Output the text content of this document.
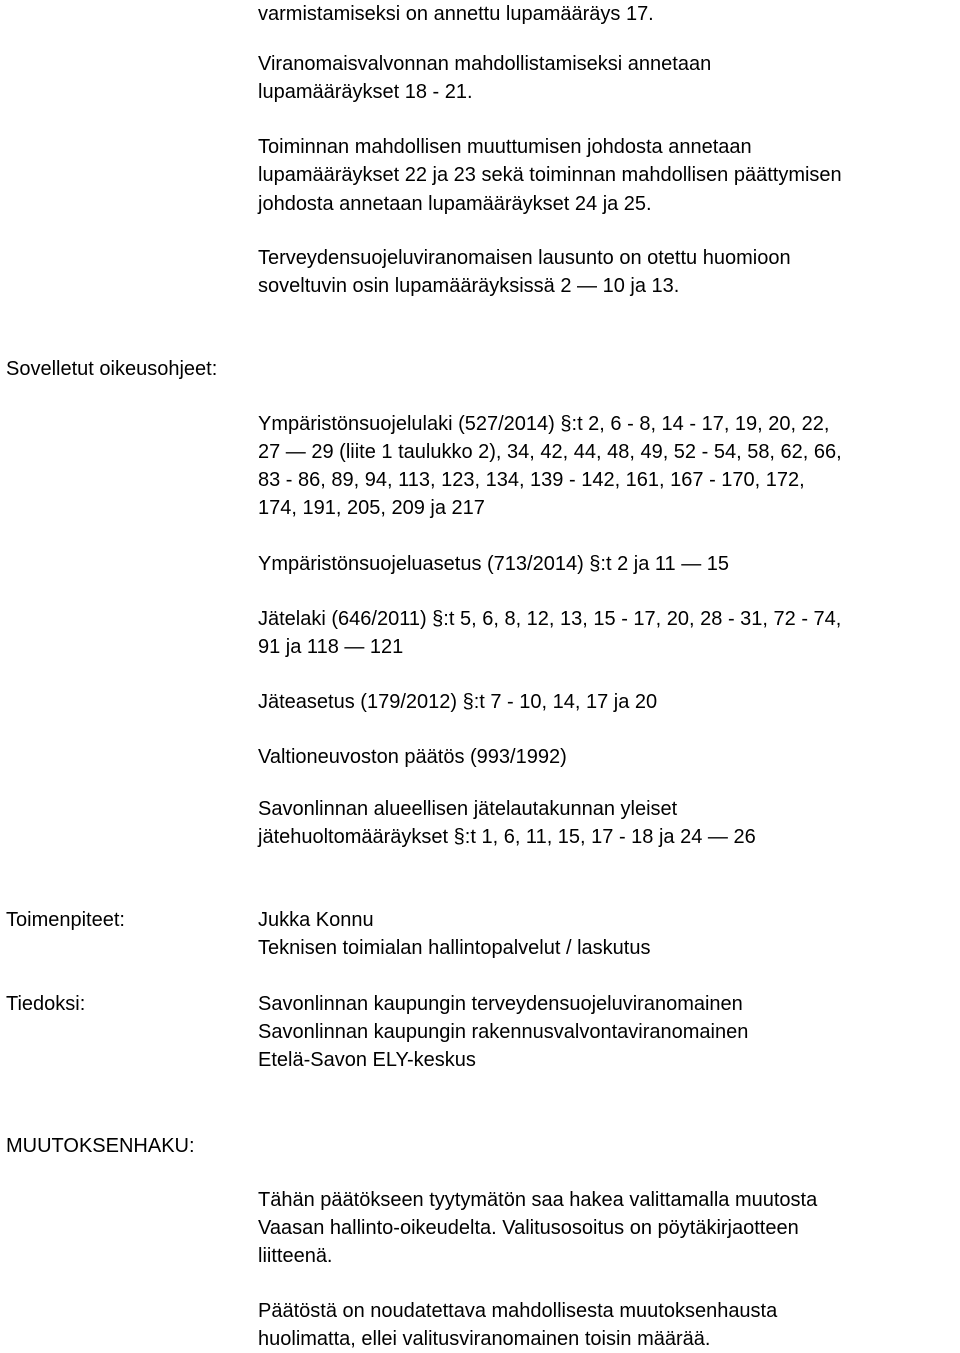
varmistamiseksi on annettu lupamääräys 17.

Viranomaisvalvonnan mahdollistamiseksi annetaan

lupamääräykset 18 - 21.

Toiminnan mahdollisen muuttumisen johdosta annetaan

lupamääräykset 22 ja 23 sekä toiminnan mahdollisen päättymisen

johdosta annetaan lupamääräykset 24 ja 25.

Terveydensuojeluviranomaisen lausunto on otettu huomioon

soveltuvin osin lupamääräyksissä 2 — 10 ja 13.

Sovelletut oikeusohjeet:

Ympäristönsuojelulaki (527/2014) §:t 2, 6 - 8, 14 - 17, 19, 20, 22,

27 — 29 (liite 1 taulukko 2), 34, 42, 44, 48, 49, 52 - 54, 58, 62, 66,

83 - 86, 89, 94, 113, 123, 134, 139 - 142, 161, 167 - 170, 172,

174, 191, 205, 209 ja 217

Ympäristönsuojeluasetus (713/2014) §:t 2 ja 11 — 15

Jätelaki (646/2011) §:t 5, 6, 8, 12, 13, 15 - 17, 20, 28 - 31, 72 - 74,

91 ja 118 — 121

Jäteasetus (179/2012) §:t 7 - 10, 14, 17 ja 20

Valtioneuvoston päätös (993/1992)

Savonlinnan alueellisen jätelautakunnan yleiset

jätehuoltomääräykset §:t 1, 6, 11, 15, 17 - 18 ja 24 — 26

Toimenpiteet:	Jukka Konnu

Teknisen toimialan hallintopalvelut / laskutus

Tiedoksi:	Savonlinnan kaupungin terveydensuojeluviranomainen

Savonlinnan kaupungin rakennusvalvontaviranomainen

Etelä-Savon ELY-keskus

MUUTOKSENHAKU:

Tähän päätökseen tyytymätön saa hakea valittamalla muutosta

Vaasan hallinto-oikeudelta. Valitusosoitus on pöytäkirjaotteen

liitteenä.

Päätöstä on noudatettava mahdollisesta muutoksenhausta

huolimatta, ellei valitusviranomainen toisin määrää.
